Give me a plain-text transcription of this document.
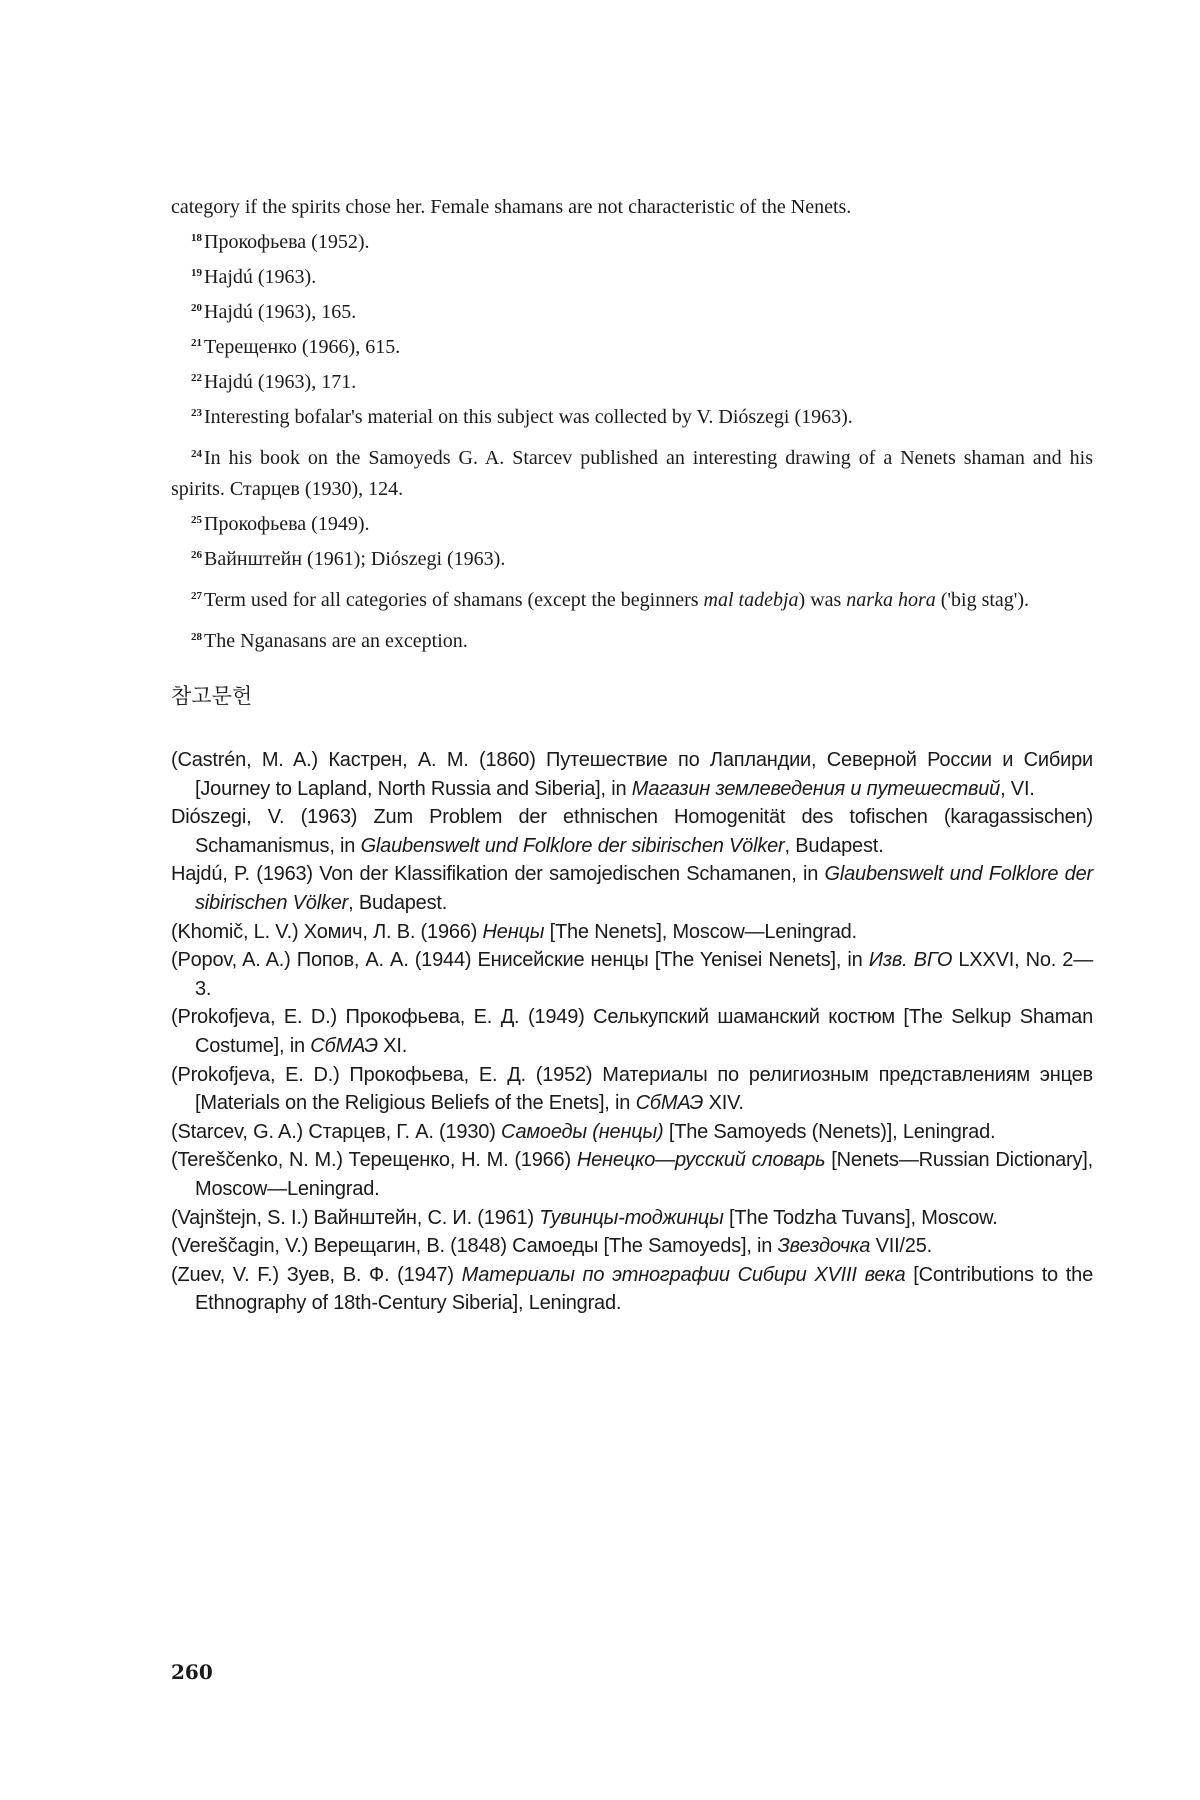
category if the spirits chose her. Female shamans are not characteristic of the Nenets.
$^{18}$ Прокофьева (1952).
$^{19}$ Hajdú (1963).
$^{20}$ Hajdú (1963), 165.
$^{21}$ Терещенко (1966), 615.
$^{22}$ Hajdú (1963), 171.
$^{23}$ Interesting bofalar's material on this subject was collected by V. Diószegi (1963).
$^{24}$ In his book on the Samoyeds G. A. Starcev published an interesting drawing of a Nenets shaman and his spirits. Старцев (1930), 124.
$^{25}$ Прокофьева (1949).
$^{26}$ Вайнштейн (1961); Diószegi (1963).
$^{27}$ Term used for all categories of shamans (except the beginners mal tadebja) was narka hora ('big stag').
$^{28}$ The Nganasans are an exception.
참고문헌
(Castrén, M. A.) Кастрен, А. М. (1860) Путешествие по Лапландии, Северной России и Сибири [Journey to Lapland, North Russia and Siberia], in Магазин землеведения и путешествий, VI.
Diószegi, V. (1963) Zum Problem der ethnischen Homogenität des tofischen (karagassischen) Schamanismus, in Glaubenswelt und Folklore der sibirischen Völker, Budapest.
Hajdú, P. (1963) Von der Klassifikation der samojedischen Schamanen, in Glaubenswelt und Folklore der sibirischen Völker, Budapest.
(Khomič, L. V.) Хомич, Л. В. (1966) Ненцы [The Nenets], Moscow—Leningrad.
(Popov, A. A.) Попов, А. А. (1944) Енисейские ненцы [The Yenisei Nenets], in Изв. ВГО LXXVI, No. 2—3.
(Prokofjeva, E. D.) Прокофьева, Е. Д. (1949) Селькупский шаманский костюм [The Selkup Shaman Costume], in СбМАЭ XI.
(Prokofjeva, E. D.) Прокофьева, Е. Д. (1952) Материалы по религиозным представлениям энцев [Materials on the Religious Beliefs of the Enets], in СбМАЭ XIV.
(Starcev, G. A.) Старцев, Г. А. (1930) Самоеды (ненцы) [The Samoyeds (Nenets)], Leningrad.
(Tereščenko, N. M.) Терещенко, Н. М. (1966) Ненецко—русский словарь [Nenets—Russian Dictionary], Moscow—Leningrad.
(Vajnštejn, S. I.) Вайнштейн, С. И. (1961) Тувинцы-тоджинцы [The Todzha Tuvans], Moscow.
(Vereščagin, V.) Верещагин, В. (1848) Самоеды [The Samoyeds], in Звездочка VII/25.
(Zuev, V. F.) Зуев, В. Ф. (1947) Материалы по этнографии Сибири XVIII века [Contributions to the Ethnography of 18th-Century Siberia], Leningrad.
260
